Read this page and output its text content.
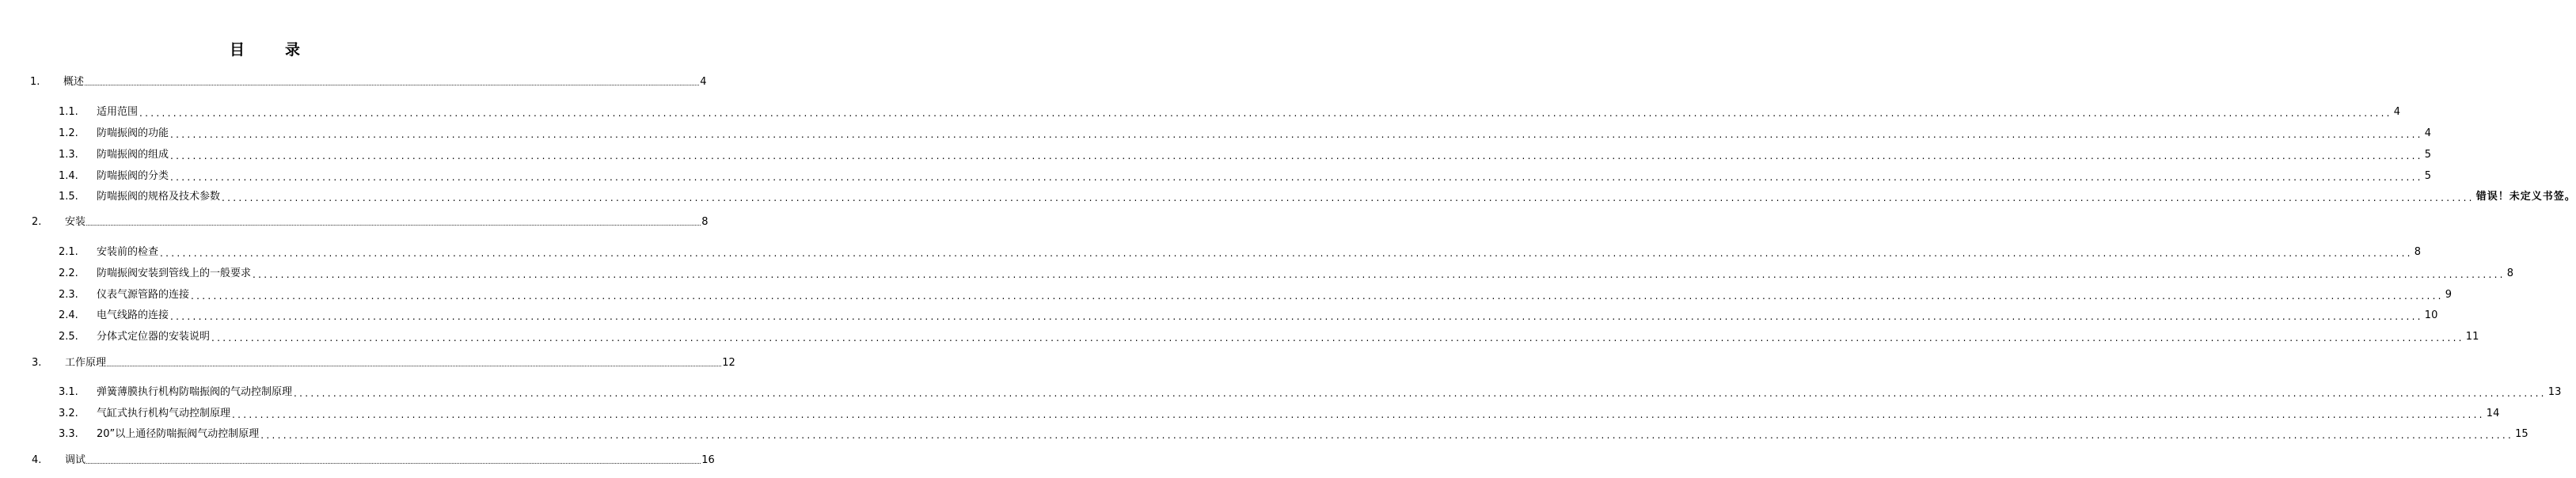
目　录
1.	概述 ................................................................................................................................................................................................................................................................................................................................................................................................................ 4
1.1.	适用范围 ................................................................................................................................................................................................................................................................................................................................................................................................................ 4
1.2.	防喘振阀的功能 ................................................................................................................................................................................................................................................................................................................................................................................................................ 4
1.3.	防喘振阀的组成 ................................................................................................................................................................................................................................................................................................................................................................................................................ 5
1.4.	防喘振阀的分类 ................................................................................................................................................................................................................................................................................................................................................................................................................ 5
1.5.	防喘振阀的规格及技术参数 ................................................................................................................................................................................................................................................................................................................................................................................................................ 错误！未定义书签。
2.	安装 ................................................................................................................................................................................................................................................................................................................................................................................................................ 8
2.1.	安装前的检查 ................................................................................................................................................................................................................................................................................................................................................................................................................ 8
2.2.	防喘振阀安装到管线上的一般要求 ................................................................................................................................................................................................................................................................................................................................................................................................................ 8
2.3.	仪表气源管路的连接 ................................................................................................................................................................................................................................................................................................................................................................................................................ 9
2.4.	电气线路的连接 ................................................................................................................................................................................................................................................................................................................................................................................................................ 10
2.5.	分体式定位器的安装说明 ................................................................................................................................................................................................................................................................................................................................................................................................................ 11
3.	工作原理 ................................................................................................................................................................................................................................................................................................................................................................................................................ 12
3.1.	弹簧薄膜执行机构防喘振阀的气动控制原理 ................................................................................................................................................................................................................................................................................................................................................................................................................ 13
3.2.	气缸式执行机构气动控制原理 ................................................................................................................................................................................................................................................................................................................................................................................................................ 14
3.3.	20”以上通径防喘振阀气动控制原理 ................................................................................................................................................................................................................................................................................................................................................................................................................ 15
4.	调试 ................................................................................................................................................................................................................................................................................................................................................................................................................ 16
